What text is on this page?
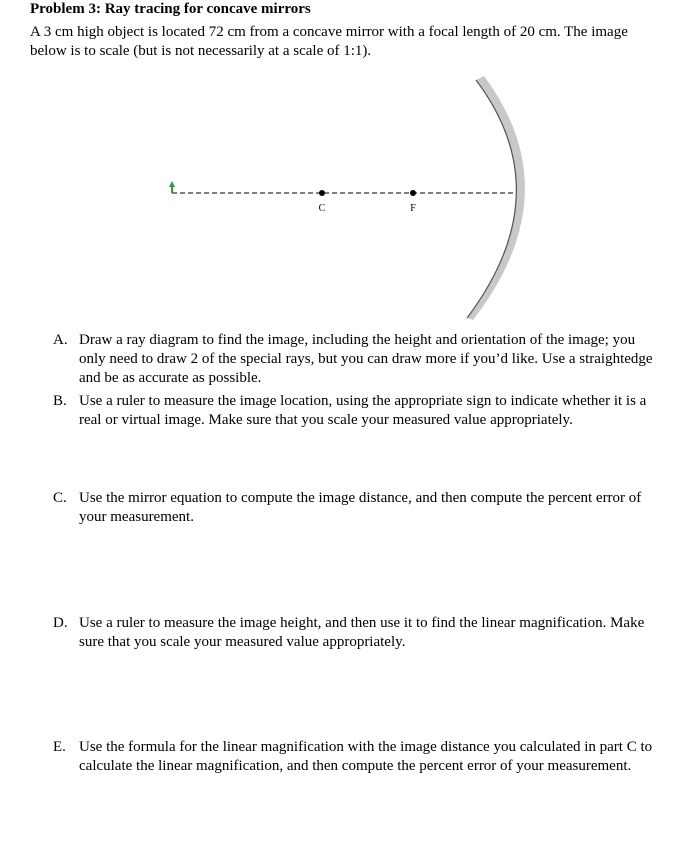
Problem 3: Ray tracing for concave mirrors
A 3 cm high object is located 72 cm from a concave mirror with a focal length of 20 cm. The image below is to scale (but is not necessarily at a scale of 1:1).
C	F
A. Draw a ray diagram to find the image, including the height and orientation of the image; you only need to draw 2 of the special rays, but you can draw more if you’d like. Use a straightedge and be as accurate as possible.
B. Use a ruler to measure the image location, using the appropriate sign to indicate whether it is a real or virtual image. Make sure that you scale your measured value appropriately.
C. Use the mirror equation to compute the image distance, and then compute the percent error of your measurement.
D. Use a ruler to measure the image height, and then use it to find the linear magnification. Make sure that you scale your measured value appropriately.
E. Use the formula for the linear magnification with the image distance you calculated in part C to calculate the linear magnification, and then compute the percent error of your measurement.
